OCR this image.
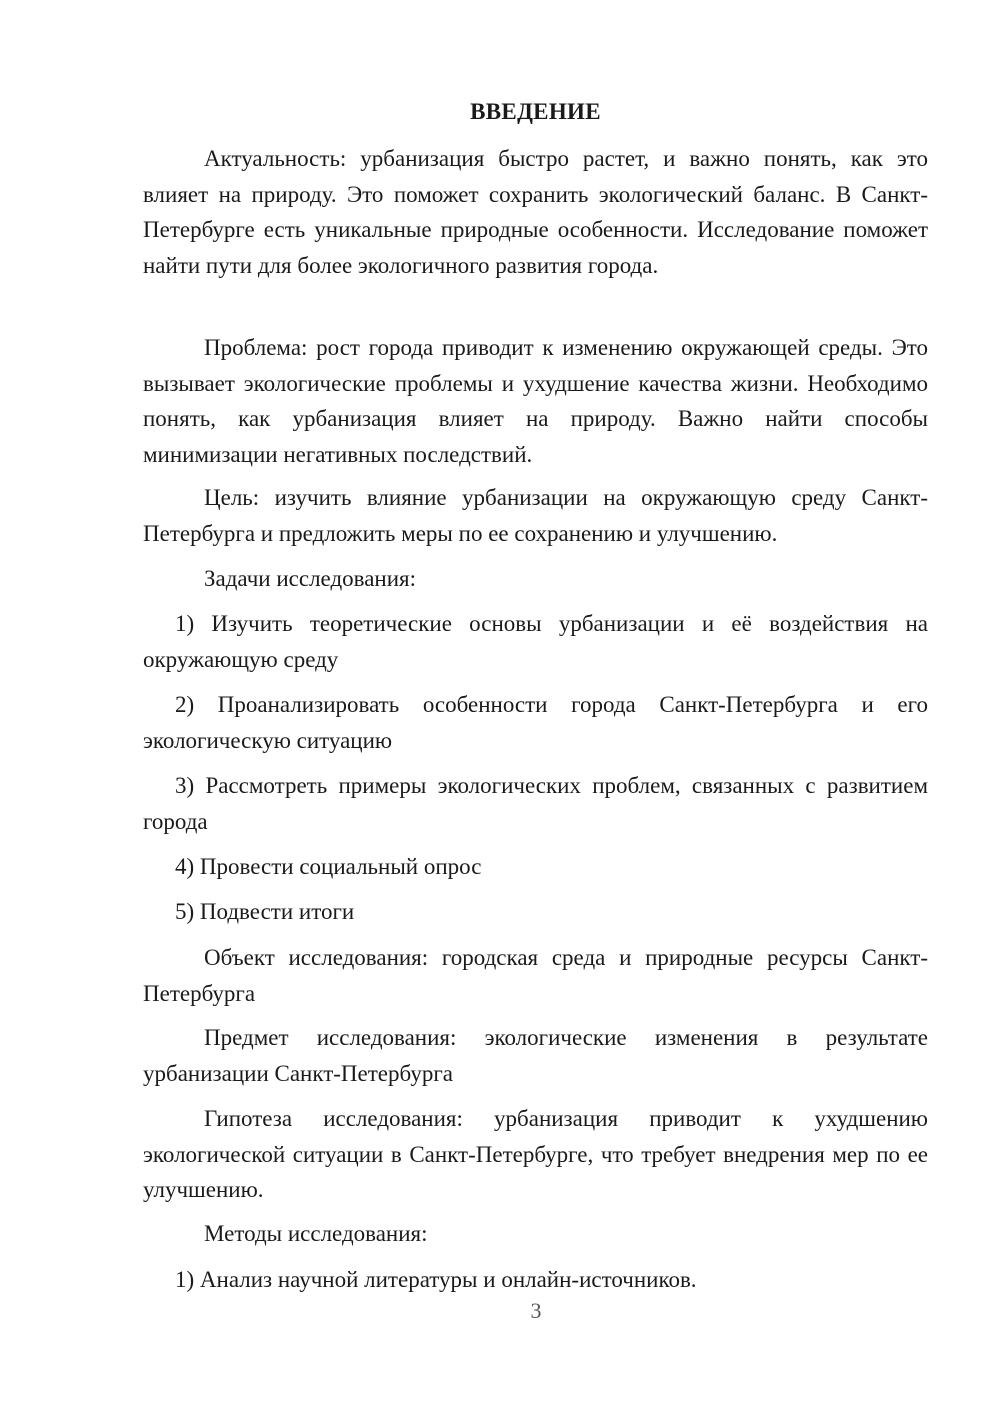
ВВЕДЕНИЕ

Актуальность: урбанизация быстро растет, и важно понять, как это влияет на природу. Это поможет сохранить экологический баланс. В Санкт-Петербурге есть уникальные природные особенности. Исследование поможет найти пути для более экологичного развития города.

Проблема: рост города приводит к изменению окружающей среды. Это вызывает экологические проблемы и ухудшение качества жизни. Необходимо понять, как урбанизация влияет на природу. Важно найти способы минимизации негативных последствий.

Цель: изучить влияние урбанизации на окружающую среду Санкт-Петербурга и предложить меры по ее сохранению и улучшению.

Задачи исследования:

1) Изучить теоретические основы урбанизации и её воздействия на окружающую среду

2) Проанализировать особенности города Санкт-Петербурга и его экологическую ситуацию

3) Рассмотреть примеры экологических проблем, связанных с развитием города

4) Провести социальный опрос

5) Подвести итоги

Объект исследования: городская среда и природные ресурсы Санкт-Петербурга

Предмет исследования: экологические изменения в результате урбанизации Санкт-Петербурга

Гипотеза исследования: урбанизация приводит к ухудшению экологической ситуации в Санкт-Петербурге, что требует внедрения мер по ее улучшению.

Методы исследования:

1) Анализ научной литературы и онлайн-источников.

3
